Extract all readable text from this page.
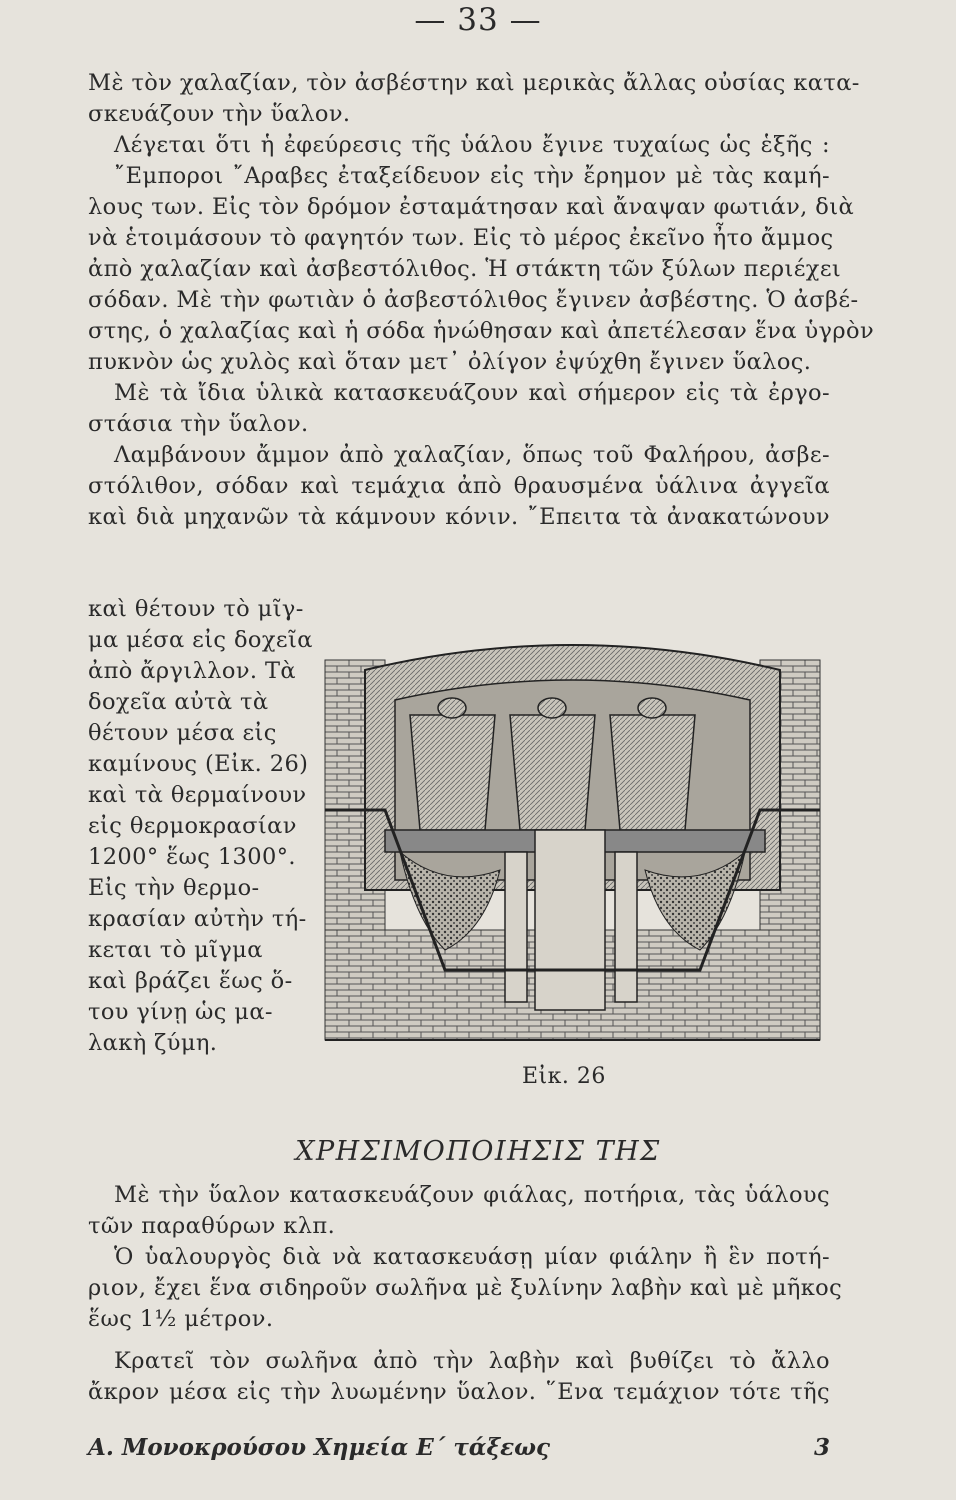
— 33 —
Μὲ τὸν χαλαζίαν, τὸν ἀσβέστην καὶ μερικὰς ἄλλας οὐσίας κατα-
σκευάζουν τὴν ὕαλον.
Λέγεται ὅτι ἡ ἐφεύρεσις τῆς ὑάλου ἔγινε τυχαίως ὡς ἑξῆς :
῎Εμποροι ῎Αραβες ἐταξείδευον εἰς τὴν ἔρημον μὲ τὰς καμή-
λους των. Εἰς τὸν δρόμον ἐσταμάτησαν καὶ ἄναψαν φωτιάν, διὰ
νὰ ἑτοιμάσουν τὸ φαγητόν των. Εἰς τὸ μέρος ἐκεῖνο ἦτο ἄμμος
ἀπὸ χαλαζίαν καὶ ἀσβεστόλιθος. Ἡ στάκτη τῶν ξύλων περιέχει
σόδαν. Μὲ τὴν φωτιὰν ὁ ἀσβεστόλιθος ἔγινεν ἀσβέστης. Ὁ ἀσβέ-
στης, ὁ χαλαζίας καὶ ἡ σόδα ἡνώθησαν καὶ ἀπετέλεσαν ἕνα ὑγρὸν
πυκνὸν ὡς χυλὸς καὶ ὅταν μετ᾽ ὀλίγον ἐψύχθη ἔγινεν ὕαλος.
Μὲ τὰ ἴδια ὑλικὰ κατασκευάζουν καὶ σήμερον εἰς τὰ ἐργο-
στάσια τὴν ὕαλον.
Λαμβάνουν ἄμμον ἀπὸ χαλαζίαν, ὅπως τοῦ Φαλήρου, ἀσβε-
στόλιθον, σόδαν καὶ τεμάχια ἀπὸ θραυσμένα ὑάλινα ἀγγεῖα
καὶ διὰ μηχανῶν τὰ κάμνουν κόνιν. ῎Επειτα τὰ ἀνακατώνουν
καὶ θέτουν τὸ μῖγ-
μα μέσα εἰς δοχεῖα
ἀπὸ ἄργιλλον. Τὰ
δοχεῖα αὐτὰ τὰ
θέτουν μέσα εἰς
καμίνους (Εἰκ. 26)
καὶ τὰ θερμαίνουν
εἰς θερμοκρασίαν
1200° ἕως 1300°.
Εἰς τὴν θερμο-
κρασίαν αὐτὴν τή-
κεται τὸ μῖγμα
καὶ βράζει ἕως ὅ-
του γίνῃ ὡς μα-
λακὴ ζύμη.
Μὲ τὴν ὕαλον κατασκευάζουν φιάλας, ποτήρια, τὰς ὑάλους
τῶν παραθύρων κλπ.
Ὁ ὑαλουργὸς διὰ νὰ κατασκευάσῃ μίαν φιάλην ἢ ἓν ποτή-
ριον, ἔχει ἕνα σιδηροῦν σωλῆνα μὲ ξυλίνην λαβὴν καὶ μὲ μῆκος
ἕως 1½ μέτρον.
Κρατεῖ τὸν σωλῆνα ἀπὸ τὴν λαβὴν καὶ βυθίζει τὸ ἄλλο
ἄκρον μέσα εἰς τὴν λυωμένην ὕαλον. ῞Ενα τεμάχιον τότε τῆς
ΧΡΗΣΙΜΟΠΟΙΗΣΙΣ ΤΗΣ
Εἰκ. 26
Α. Μονοκρούσου Χημεία Ε΄ τάξεως	3
